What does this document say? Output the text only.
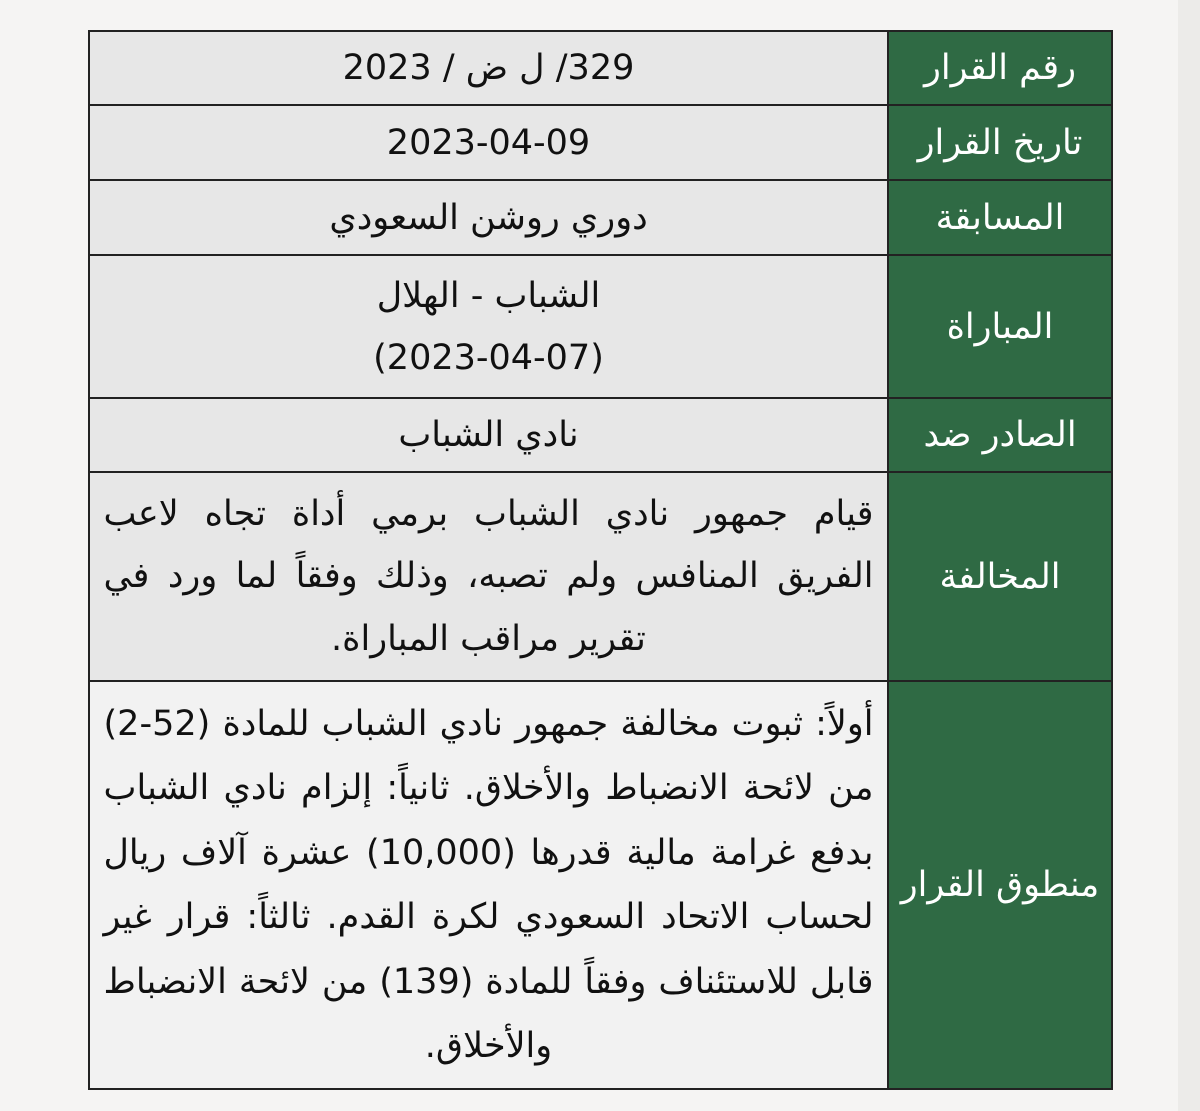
رقم القرار	329/ ل ض / 2023
تاريخ القرار	2023-04-09
المسابقة	دوري روشن السعودي
المباراة	الشباب - الهلال
(2023-04-07)

الصادر ضد	نادي الشباب
المخالفة	قيام جمهور نادي الشباب برمي أداة تجاه لاعب الفريق المنافس ولم تصبه، وذلك وفقاً لما ورد في تقرير مراقب المباراة.
منطوق القرار	أولاً: ثبوت مخالفة جمهور نادي الشباب للمادة (52-2) من لائحة الانضباط والأخلاق. ثانياً: إلزام نادي الشباب بدفع غرامة مالية قدرها (10,000) عشرة آلاف ريال لحساب الاتحاد السعودي لكرة القدم. ثالثاً: قرار غير قابل للاستئناف وفقاً للمادة (139) من لائحة الانضباط والأخلاق.
